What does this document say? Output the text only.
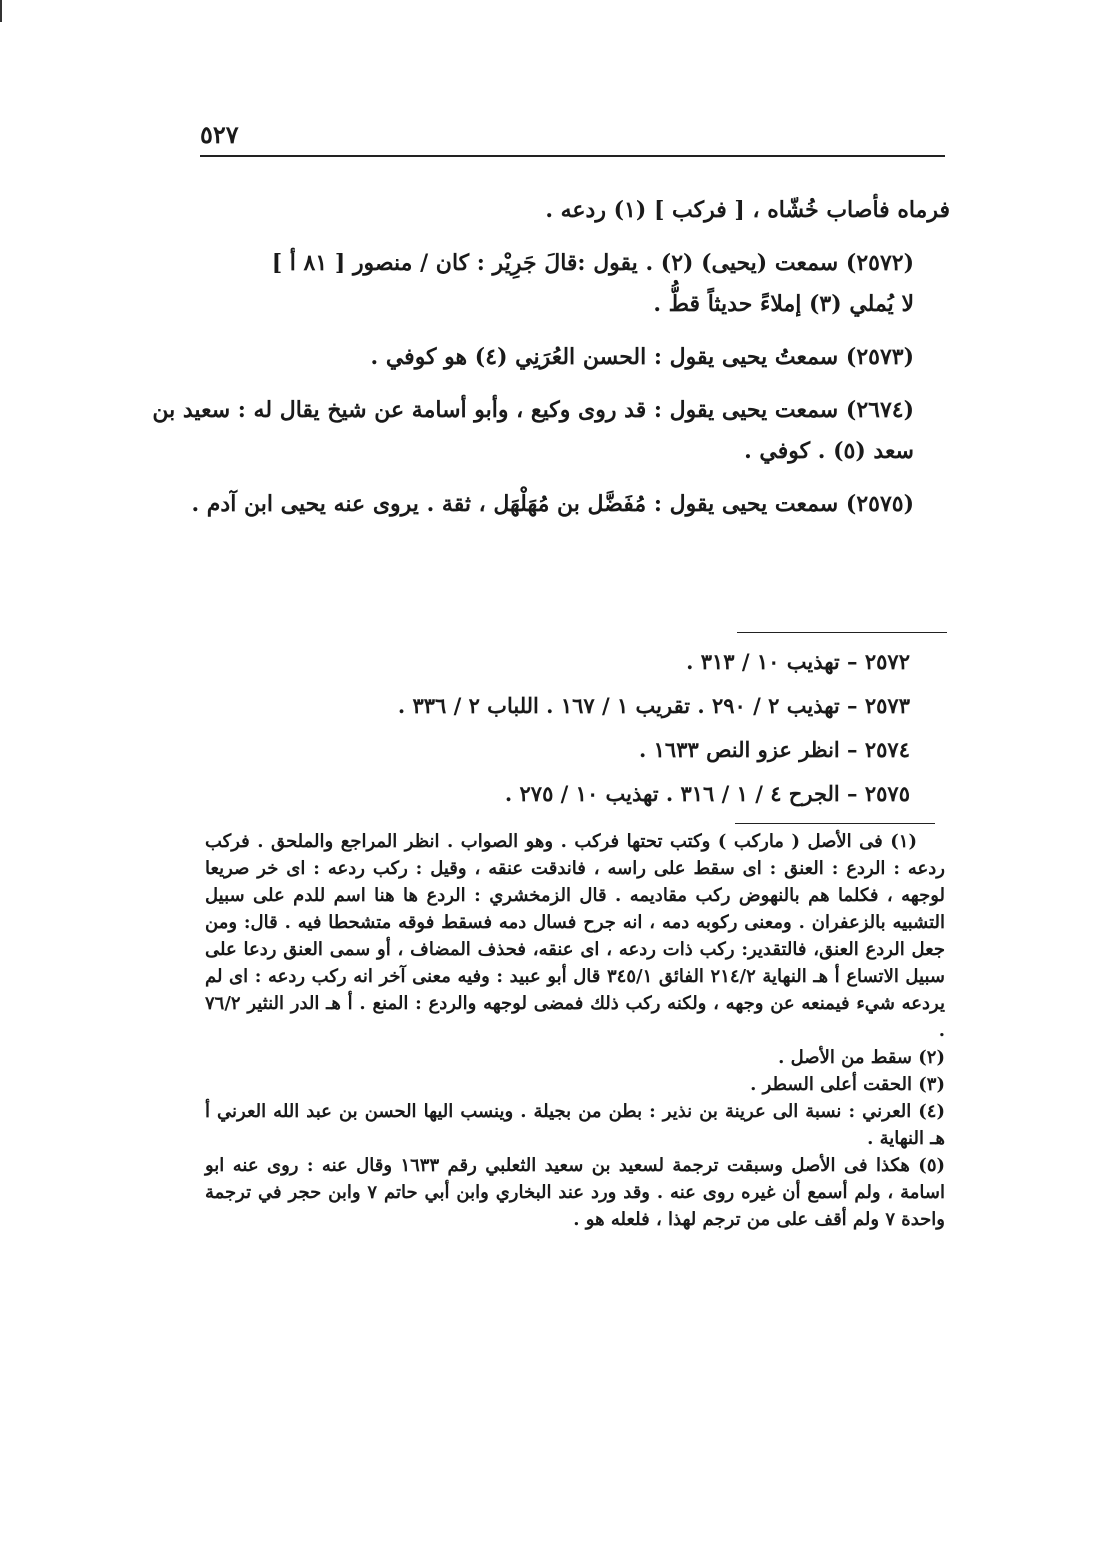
٥٢٧

فرماه فأصاب خُشّاه ، [ فركب ] (١) ردعه .

(٢٥٧٢) سمعت (يحيى) (٢) . يقول :قالَ جَرِيْر : كان / منصور [ ٨١ أ ]
لا يُملي (٣) إملاءً حديثاً قطُّ .

(٢٥٧٣) سمعتُ يحيى يقول : الحسن العُرَنِي (٤) هو كوفي .

(٢٦٧٤) سمعت يحيى يقول : قد روى وكيع ، وأبو أسامة عن شيخ يقال له : سعيد بن سعد (٥) . كوفي .

(٢٥٧٥) سمعت يحيى يقول : مُفَضَّل بن مُهَلْهَل ، ثقة . يروى عنه يحيى ابن آدم .

٢٥٧٢ – تهذيب ١٠ / ٣١٣ .
٢٥٧٣ – تهذيب ٢ / ٢٩٠ . تقريب ١ / ١٦٧ . اللباب ٢ / ٣٣٦ .
٢٥٧٤ – انظر عزو النص ١٦٣٣ .
٢٥٧٥ – الجرح ٤ / ١ / ٣١٦ . تهذيب ١٠ / ٢٧٥ .

(١) فى الأصل ( ماركب ) وكتب تحتها فركب . وهو الصواب . انظر المراجع والملحق . فركب ردعه : الردع : العنق : اى سقط على راسه ، فاندقت عنقه ، وقيل : ركب ردعه : اى خر صريعا لوجهه ، فكلما هم بالنهوض ركب مقاديمه . قال الزمخشري : الردع ها هنا اسم للدم على سبيل التشبيه بالزعفران . ومعنى ركوبه دمه ، انه جرح فسال دمه فسقط فوقه متشحطا فيه . قال: ومن جعل الردع العنق، فالتقدير: ركب ذات ردعه ، اى عنقه، فحذف المضاف ، أو سمى العنق ردعا على سبيل الاتساع أ هـ النهاية ٢١٤/٢ الفائق ٣٤٥/١ قال أبو عبيد : وفيه معنى آخر انه ركب ردعه : اى لم يردعه شيء فيمنعه عن وجهه ، ولكنه ركب ذلك فمضى لوجهه والردع : المنع . أ هـ الدر النثير ٧٦/٢ .

(٢) سقط من الأصل .

(٣) الحقت أعلى السطر .

(٤) العرني : نسبة الى عرينة بن نذير : بطن من بجيلة . وينسب اليها الحسن بن عبد الله العرني أ هـ النهاية .

(٥) هكذا فى الأصل وسبقت ترجمة لسعيد بن سعيد الثعلبي رقم ١٦٣٣ وقال عنه : روى عنه ابو اسامة ، ولم أسمع أن غيره روى عنه . وقد ورد عند البخاري وابن أبي حاتم ٧ وابن حجر في ترجمة واحدة ٧ ولم أقف على من ترجم لهذا ، فلعله هو .
